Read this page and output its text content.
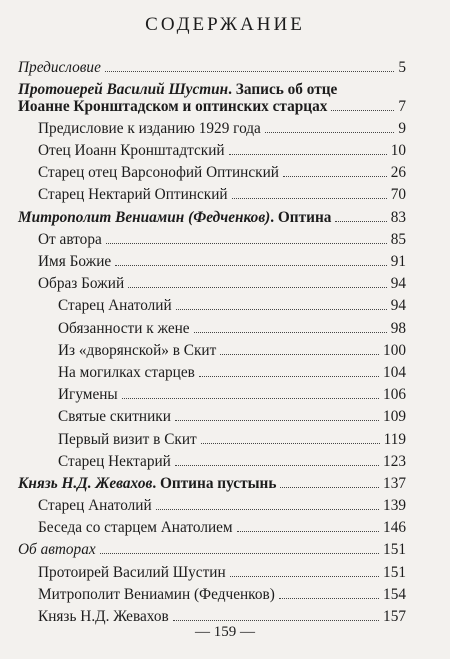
СОДЕРЖАНИЕ
Предисловие	5
Протоиерей Василий Шустин. Запись об отце
Иоанне Кронштадском и оптинских старцах	7
Предисловие к изданию 1929 года	9
Отец Иоанн Кронштадтский	10
Старец отец Варсонофий Оптинский	26
Старец Нектарий Оптинский	70
Митрополит Вениамин (Федченков). Оптина	83
От автора	85
Имя Божие	91
Образ Божий	94
Старец Анатолий	94
Обязанности к жене	98
Из «дворянской» в Скит	100
На могилках старцев	104
Игумены	106
Святые скитники	109
Первый визит в Скит	119
Старец Нектарий	123
Князь Н.Д. Жевахов. Оптина пустынь	137
Старец Анатолий	139
Беседа со старцем Анатолием	146
Об авторах	151
Протоирей Василий Шустин	151
Митрополит Вениамин (Федченков)	154
Князь Н.Д. Жевахов	157
— 159 —
